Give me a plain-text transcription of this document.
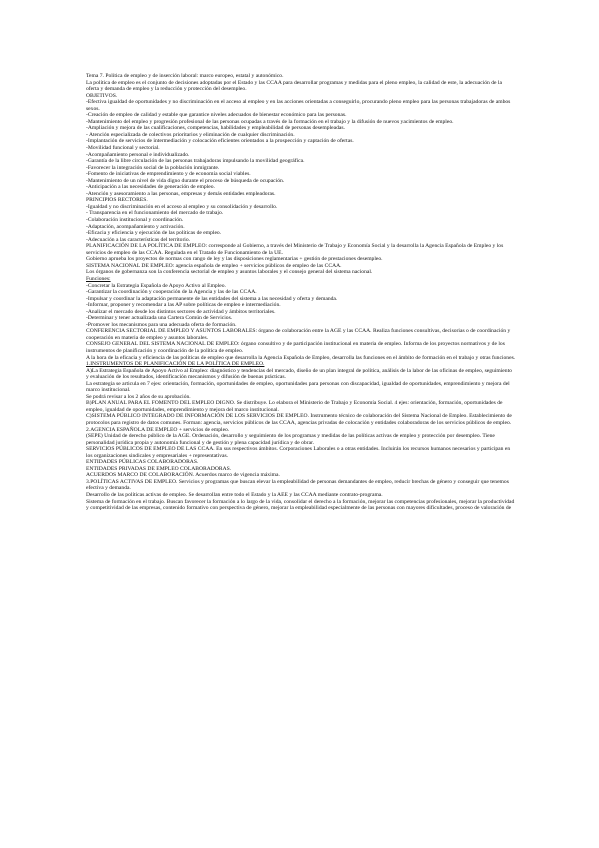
Tema 7. Política de empleo y de inserción laboral: marco europeo, estatal y autonómico.

La política de empleo es el conjunto de decisiones adoptadas por el Estado y las CCAA para desarrollar programas y medidas para el pleno empleo, la calidad de este, la adecuación de la oferta y demanda de empleo y la reducción y protección del desempleo.

OBJETIVOS.

-Efectiva igualdad de oportunidades y no discriminación en el acceso al empleo y en las acciones orientadas a conseguirlo, procurando pleno empleo para las personas trabajadoras de ambos sexos.

-Creación de empleo de calidad y estable que garantice niveles adecuados de bienestar económico para las personas.

-Mantenimiento del empleo y progresión profesional de las personas ocupadas a través de la formación en el trabajo y la difusión de nuevos yacimientos de empleo.

-Ampliación y mejora de las cualificaciones, competencias, habilidades y empleabilidad de personas desempleadas.

- Atención especializada de colectivos prioritarios y eliminación de cualquier discriminación.

-Implantación de servicios de intermediación y colocación eficientes orientados a la prospección y captación de ofertas.

-Movilidad funcional y sectorial.

-Acompañamiento personal e individualizado.

-Garantía de la libre circulación de las personas trabajadoras impulsando la movilidad geográfica.

-Favorecer la integración social de la población inmigrante.

-Fomento de iniciativas de emprendimiento y de economía social viables.

-Mantenimiento de un nivel de vida digno durante el proceso de búsqueda de ocupación.

-Anticipación a las necesidades de generación de empleo.

-Atención y asesoramiento a las personas, empresas y demás entidades empleadoras.

PRINCIPIOS RECTORES.

-Igualdad y no discriminación en el acceso al empleo y su consolidación y desarrollo.

- Transparencia en el funcionamiento del mercado de trabajo.

-Colaboración institucional y coordinación.

-Adaptación, acompañamiento y activación.

-Eficacia y eficiencia y ejecución de las políticas de empleo.

-Adecuación a las características del territorio.

PLANIFICACIÓN DE LA POLÍTICA DE EMPLEO: corresponde al Gobierno, a través del Ministerio de Trabajo y Economía Social y la desarrolla la Agencia Española de Empleo y los servicios de empleo de las CCAA. Regulada en el Tratado de Funcionamiento de la UE.

Gobierno aprueba los proyectos de normas con rango de ley y las disposiciones reglamentarias + gestión de prestaciones desempleo.

SISTEMA NACIONAL DE EMPLEO: agencia española de empleo + servicios públicos de empleo de las CCAA.

Los órganos de gobernanza son la conferencia sectorial de empleo y asuntos laborales y el consejo general del sistema nacional.

Funciones:

-Concretar la Estrategia Española de Apoyo Activo al Empleo.

-Garantizar la coordinación y cooperación de la Agencia y las de las CCAA.

-Impulsar y coordinar la adaptación permanente de las entidades del sistema a las necesidad y oferta y demanda.

-Informar, proponer y recomendar a las AP sobre políticas de empleo e intermediación.

-Analizar el mercado desde los distintos sectores de actividad y ámbitos territoriales.

-Determinar y tener actualizada una Cartera Común de Servicios.

-Promover los mecanismos para una adecuada oferta de formación.

CONFERENCIA SECTORIAL DE EMPLEO Y ASUNTOS LABORALES: órgano de colaboración entre la AGE y las CCAA. Realiza funciones consultivas, decisorias o de coordinación y cooperación en materia de empleo y asuntos laborales.

CONSEJO GENERAL DEL SISTEMA NACIONAL DE EMPLEO: órgano consultivo y de participación institucional en materia de empleo. Informa de los proyectos normativos y de los instrumentos de planificación y coordinación de la política de empleo.

A la hora de la eficacia y eficiencia de las políticas de empleo que desarrolla la Agencia Española de Empleo, desarrolla las funciones en el ámbito de formación en el trabajo y otras funciones.

1.INSTRUMENTOS DE PLANIFICACIÓN DE LA POLÍTICA DE EMPLEO.

A)La Estrategia Española de Apoyo Activo al Empleo: diagnóstico y tendencias del mercado, diseño de un plan integral de política, análisis de la labor de las oficinas de empleo, seguimiento y evaluación de los resultados, identificación mecanismos y difusión de buenas prácticas.

La estrategia se articula en 7 ejes: orientación, formación, oportunidades de empleo, oportunidades para personas con discapacidad, igualdad de oportunidades, emprendimiento y mejora del marco institucional.

Se podrá revisar a los 2 años de su aprobación.

B)PLAN ANUAL PARA EL FOMENTO DEL EMPLEO DIGNO. Se distribuye. Lo elabora el Ministerio de Trabajo y Economía Social. 4 ejes: orientación, formación, oportunidades de empleo, igualdad de oportunidades, emprendimiento y mejora del marco institucional.

C)SISTEMA PÚBLICO INTEGRADO DE INFORMACIÓN DE LOS SERVICIOS DE EMPLEO. Instrumento técnico de colaboración del Sistema Nacional de Empleo. Establecimiento de protocolos para registro de datos comunes. Forman: agencia, servicios públicos de las CCAA, agencias privadas de colocación y entidades colaboradoras de los servicios públicos de empleo.

2.AGENCIA ESPAÑOLA DE EMPLEO + servicios de empleo.

(SEPE) Unidad de derecho público de la AGE. Ordenación, desarrollo y seguimiento de los programas y medidas de las políticas activas de empleo y protección por desempleo. Tiene personalidad jurídica propia y autonomía funcional y de gestión y plena capacidad jurídica y de obrar.

SERVICIOS PÚBLICOS DE EMPLEO DE LAS CCAA. En sus respectivos ámbitos. Corporaciones Laborales o a otras entidades. Incluirán los recursos humanos necesarios y participan en los organizaciones sindicales y empresariales + representativas.

ENTIDADES PÚBLICAS COLABORADORAS.

ENTIDADES PRIVADAS DE EMPLEO COLABORADORAS.

ACUERDOS MARCO DE COLABORACIÓN. Acuerdos marco de vigencia máxima.

3.POLÍTICAS ACTIVAS DE EMPLEO. Servicios y programas que buscan elevar la empleabilidad de personas demandantes de empleo, reducir brechas de género y conseguir que tenemos efectiva y demanda.

Desarrollo de las políticas activas de empleo. Se desarrollan entre todo el Estado y la AEE y las CCAA mediante contrato-programa.

Sistema de formación en el trabajo. Buscan favorecer la formación a lo largo de la vida, consolidar el derecho a la formación, mejorar las competencias profesionales, mejorar la productividad y competitividad de las empresas, contenido formativo con perspectiva de género, mejorar la empleabilidad especialmente de las personas con mayores dificultades, proceso de valoración de
